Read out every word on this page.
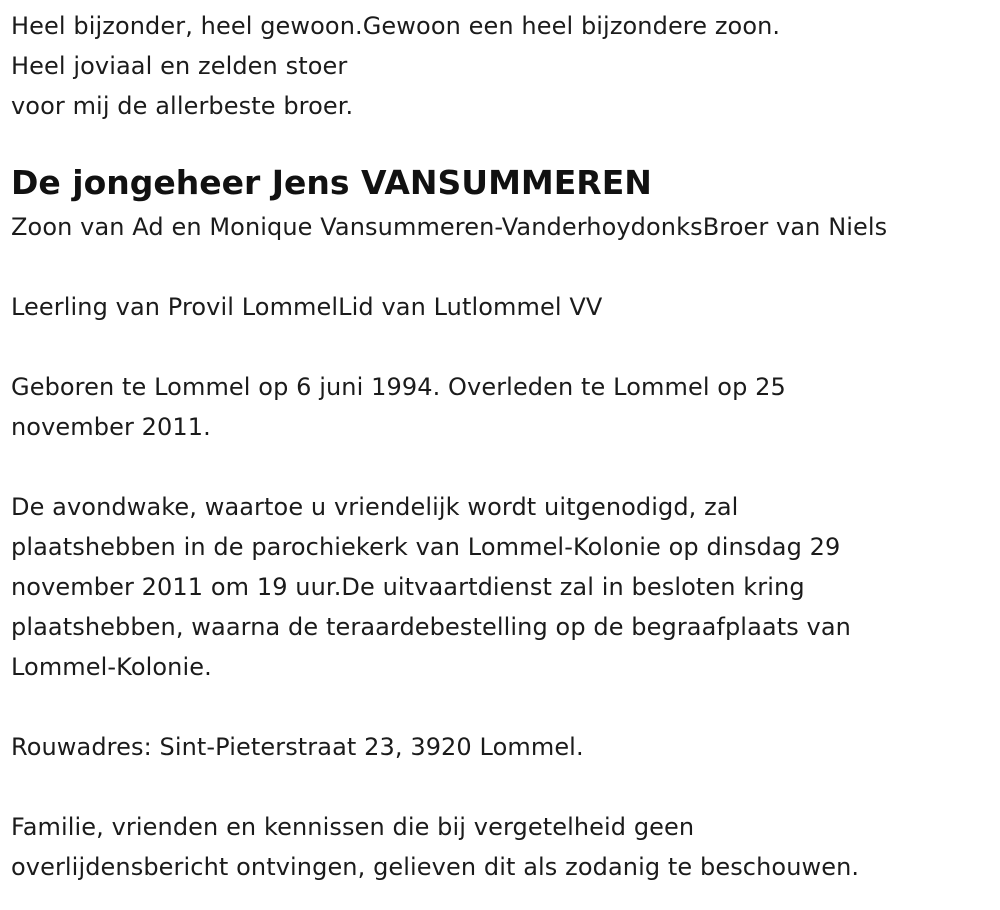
Heel bijzonder, heel gewoon.Gewoon een heel bijzondere zoon.
Heel joviaal en zelden stoer
voor mij de allerbeste broer.
De jongeheer Jens VANSUMMEREN
Zoon van Ad en Monique Vansummeren-VanderhoydonksBroer van Niels
Leerling van Provil LommelLid van Lutlommel VV
Geboren te Lommel op 6 juni 1994. Overleden te Lommel op 25
november 2011.
De avondwake, waartoe u vriendelijk wordt uitgenodigd, zal
plaatshebben in de parochiekerk van Lommel-Kolonie op dinsdag 29
november 2011 om 19 uur.De uitvaartdienst zal in besloten kring
plaatshebben, waarna de teraardebestelling op de begraafplaats van
Lommel-Kolonie.
Rouwadres: Sint-Pieterstraat 23, 3920 Lommel.
Familie, vrienden en kennissen die bij vergetelheid geen
overlijdensbericht ontvingen, gelieven dit als zodanig te beschouwen.
